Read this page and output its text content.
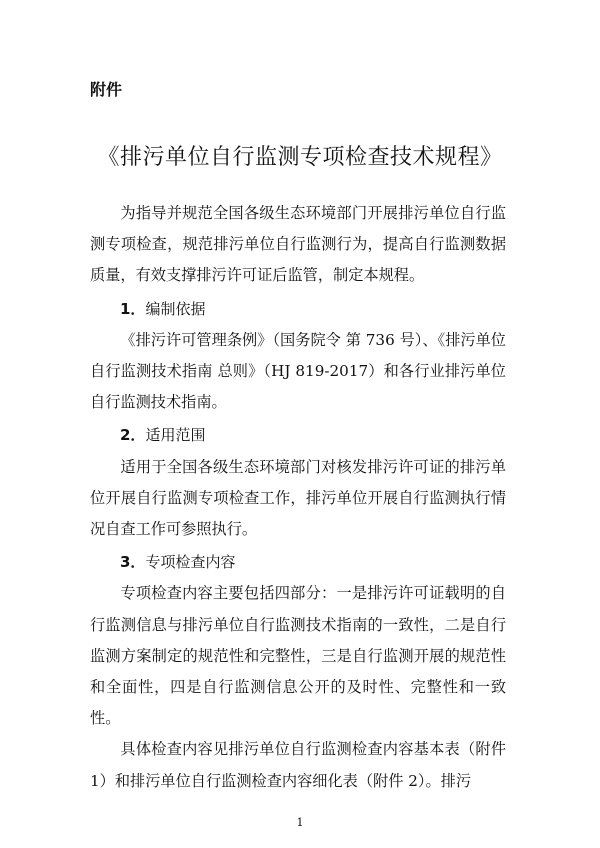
附件
《排污单位自行监测专项检查技术规程》

为指导并规范全国各级生态环境部门开展排污单位自行监测专项检查，规范排污单位自行监测行为，提高自行监测数据质量，有效支撑排污许可证后监管，制定本规程。

1．编制依据

《排污许可管理条例》（国务院令 第 736 号）、《排污单位自行监测技术指南 总则》（HJ 819-2017）和各行业排污单位自行监测技术指南。

2．适用范围

适用于全国各级生态环境部门对核发排污许可证的排污单位开展自行监测专项检查工作，排污单位开展自行监测执行情况自查工作可参照执行。

3．专项检查内容

专项检查内容主要包括四部分：一是排污许可证载明的自行监测信息与排污单位自行监测技术指南的一致性，二是自行监测方案制定的规范性和完整性，三是自行监测开展的规范性和全面性，四是自行监测信息公开的及时性、完整性和一致性。

具体检查内容见排污单位自行监测检查内容基本表（附件 1）和排污单位自行监测检查内容细化表（附件 2）。排污

1
